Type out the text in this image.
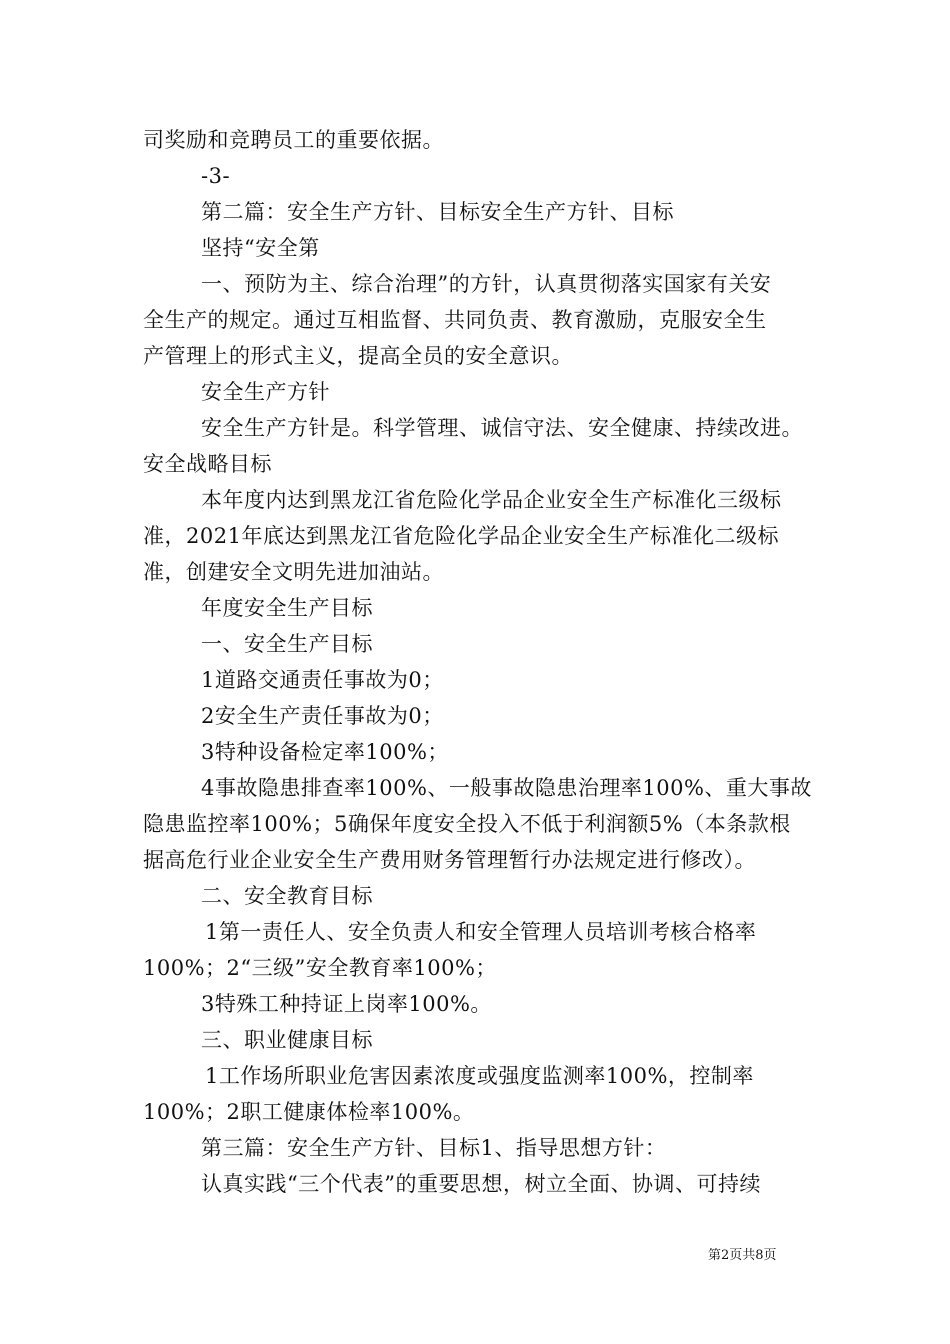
司奖励和竞聘员工的重要依据。
-3-
第二篇：安全生产方针、目标安全生产方针、目标
坚持“安全第
一、预防为主、综合治理”的方针，认真贯彻落实国家有关安
全生产的规定。通过互相监督、共同负责、教育激励，克服安全生
产管理上的形式主义，提高全员的安全意识。
安全生产方针
安全生产方针是。科学管理、诚信守法、安全健康、持续改进。
安全战略目标
本年度内达到黑龙江省危险化学品企业安全生产标准化三级标
准，2021年底达到黑龙江省危险化学品企业安全生产标准化二级标
准，创建安全文明先进加油站。
年度安全生产目标
一、安全生产目标
1道路交通责任事故为0；
2安全生产责任事故为0；
3特种设备检定率100%；
4事故隐患排查率100%、一般事故隐患治理率100%、重大事故
隐患监控率100%；5确保年度安全投入不低于利润额5%（本条款根
据高危行业企业安全生产费用财务管理暂行办法规定进行修改）。
二、安全教育目标
1第一责任人、安全负责人和安全管理人员培训考核合格率
100%；2“三级”安全教育率100%；
3特殊工种持证上岗率100%。
三、职业健康目标
1工作场所职业危害因素浓度或强度监测率100%，控制率
100%；2职工健康体检率100%。
第三篇：安全生产方针、目标1、指导思想方针：
认真实践“三个代表”的重要思想，树立全面、协调、可持续
第2页共8页
